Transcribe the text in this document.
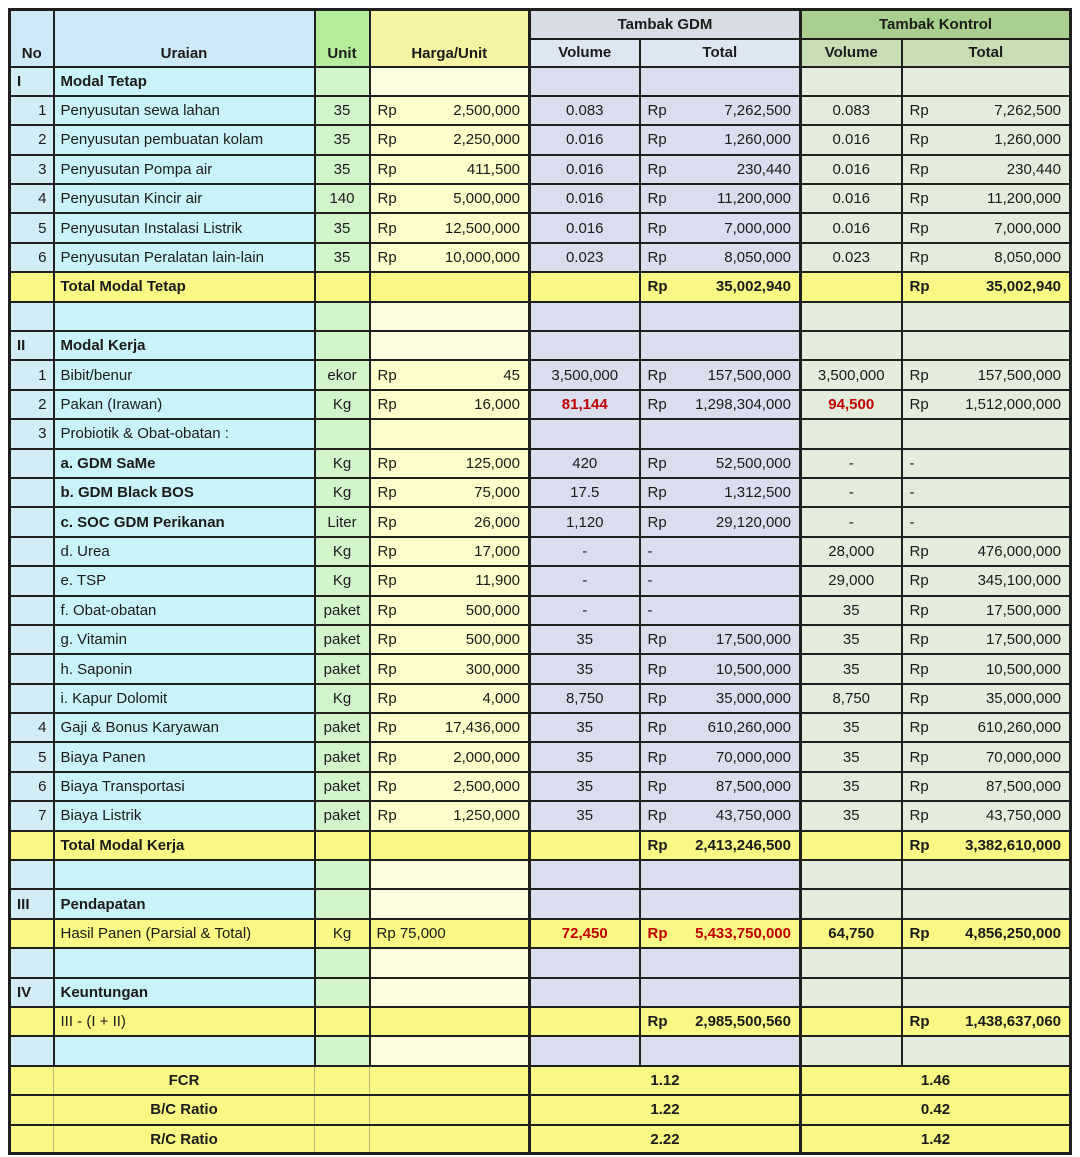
No	Uraian	Unit	Harga/Unit	Tambak GDM		Tambak Kontrol	
				Volume	Total	Volume	Total
I	Modal Tetap						
1	Penyusutan sewa lahan	35	Rp 2,500,000	0.083	Rp 7,262,500	0.083	Rp 7,262,500

2	Penyusutan pembuatan kolam	35	Rp 2,250,000	0.016	Rp 1,260,000	0.016	Rp 1,260,000

3	Penyusutan Pompa air	35	Rp 411,500	0.016	Rp 230,440	0.016	Rp 230,440

4	Penyusutan Kincir air	140	Rp 5,000,000	0.016	Rp 11,200,000	0.016	Rp 11,200,000

5	Penyusutan Instalasi Listrik	35	Rp 12,500,000	0.016	Rp 7,000,000	0.016	Rp 7,000,000

6	Penyusutan Peralatan lain-lain	35	Rp 10,000,000	0.023	Rp 8,050,000	0.023	Rp 8,050,000

	Total Modal Tetap				Rp 35,002,940		Rp 35,002,940

II	Modal Kerja						
1	Bibit/benur	ekor	Rp 45	3,500,000	Rp 157,500,000	3,500,000	Rp 157,500,000

2	Pakan (Irawan)	Kg	Rp 16,000	81,144	Rp 1,298,304,000	94,500	Rp 1,512,000,000

3	Probiotik & Obat-obatan :						
	a. GDM SaMe	Kg	Rp 125,000	420	Rp 52,500,000	-	-

	b. GDM Black BOS	Kg	Rp 75,000	17.5	Rp 1,312,500	-	-

	c. SOC GDM Perikanan	Liter	Rp 26,000	1,120	Rp 29,120,000	-	-

	d. Urea	Kg	Rp 17,000	-	-	28,000	Rp 476,000,000

	e. TSP	Kg	Rp 11,900	-	-	29,000	Rp 345,100,000

	f. Obat-obatan	paket	Rp 500,000	-	-	35	Rp 17,500,000

	g. Vitamin	paket	Rp 500,000	35	Rp 17,500,000	35	Rp 17,500,000

	h. Saponin	paket	Rp 300,000	35	Rp 10,500,000	35	Rp 10,500,000

	i. Kapur Dolomit	Kg	Rp 4,000	8,750	Rp 35,000,000	8,750	Rp 35,000,000

4	Gaji & Bonus Karyawan	paket	Rp 17,436,000	35	Rp 610,260,000	35	Rp 610,260,000

5	Biaya Panen	paket	Rp 2,000,000	35	Rp 70,000,000	35	Rp 70,000,000

6	Biaya Transportasi	paket	Rp 2,500,000	35	Rp 87,500,000	35	Rp 87,500,000

7	Biaya Listrik	paket	Rp 1,250,000	35	Rp 43,750,000	35	Rp 43,750,000

	Total Modal Kerja				Rp 2,413,246,500		Rp 3,382,610,000

III	Pendapatan						
	Hasil Panen (Parsial & Total)	Kg	Rp 75,000	72,450	Rp 5,433,750,000	64,750	Rp 4,856,250,000

IV	Keuntungan						
	III - (I + II)				Rp 2,985,500,560		Rp 1,438,637,060

	FCR			1.12		1.46	
	B/C Ratio			1.22		0.42	
	R/C Ratio			2.22		1.42	
